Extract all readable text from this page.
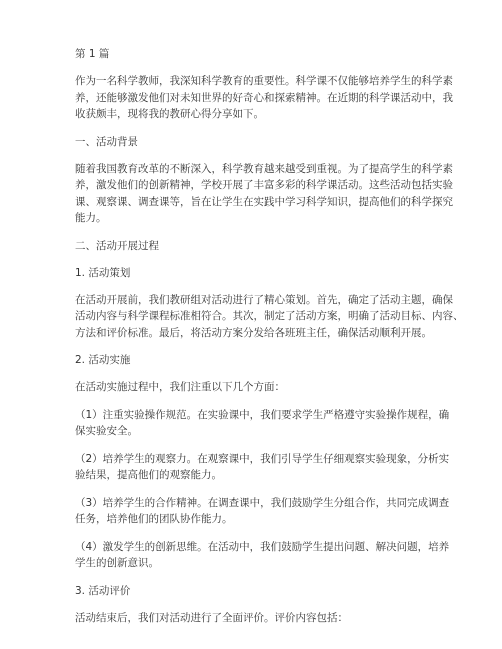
第 1 篇

作为一名科学教师，我深知科学教育的重要性。科学课不仅能够培养学生的科学素

养，还能够激发他们对未知世界的好奇心和探索精神。在近期的科学课活动中，我

收获颇丰，现将我的教研心得分享如下。

一、活动背景

随着我国教育改革的不断深入，科学教育越来越受到重视。为了提高学生的科学素

养，激发他们的创新精神，学校开展了丰富多彩的科学课活动。这些活动包括实验

课、观察课、调查课等，旨在让学生在实践中学习科学知识，提高他们的科学探究

能力。

二、活动开展过程

1. 活动策划

在活动开展前，我们教研组对活动进行了精心策划。首先，确定了活动主题，确保

活动内容与科学课程标准相符合。其次，制定了活动方案，明确了活动目标、内容、

方法和评价标准。最后，将活动方案分发给各班班主任，确保活动顺利开展。

2. 活动实施

在活动实施过程中，我们注重以下几个方面：

（1）注重实验操作规范。在实验课中，我们要求学生严格遵守实验操作规程，确

保实验安全。

（2）培养学生的观察力。在观察课中，我们引导学生仔细观察实验现象，分析实

验结果，提高他们的观察能力。

（3）培养学生的合作精神。在调查课中，我们鼓励学生分组合作，共同完成调查

任务，培养他们的团队协作能力。

（4）激发学生的创新思维。在活动中，我们鼓励学生提出问题、解决问题，培养

学生的创新意识。

3. 活动评价

活动结束后，我们对活动进行了全面评价。评价内容包括：
